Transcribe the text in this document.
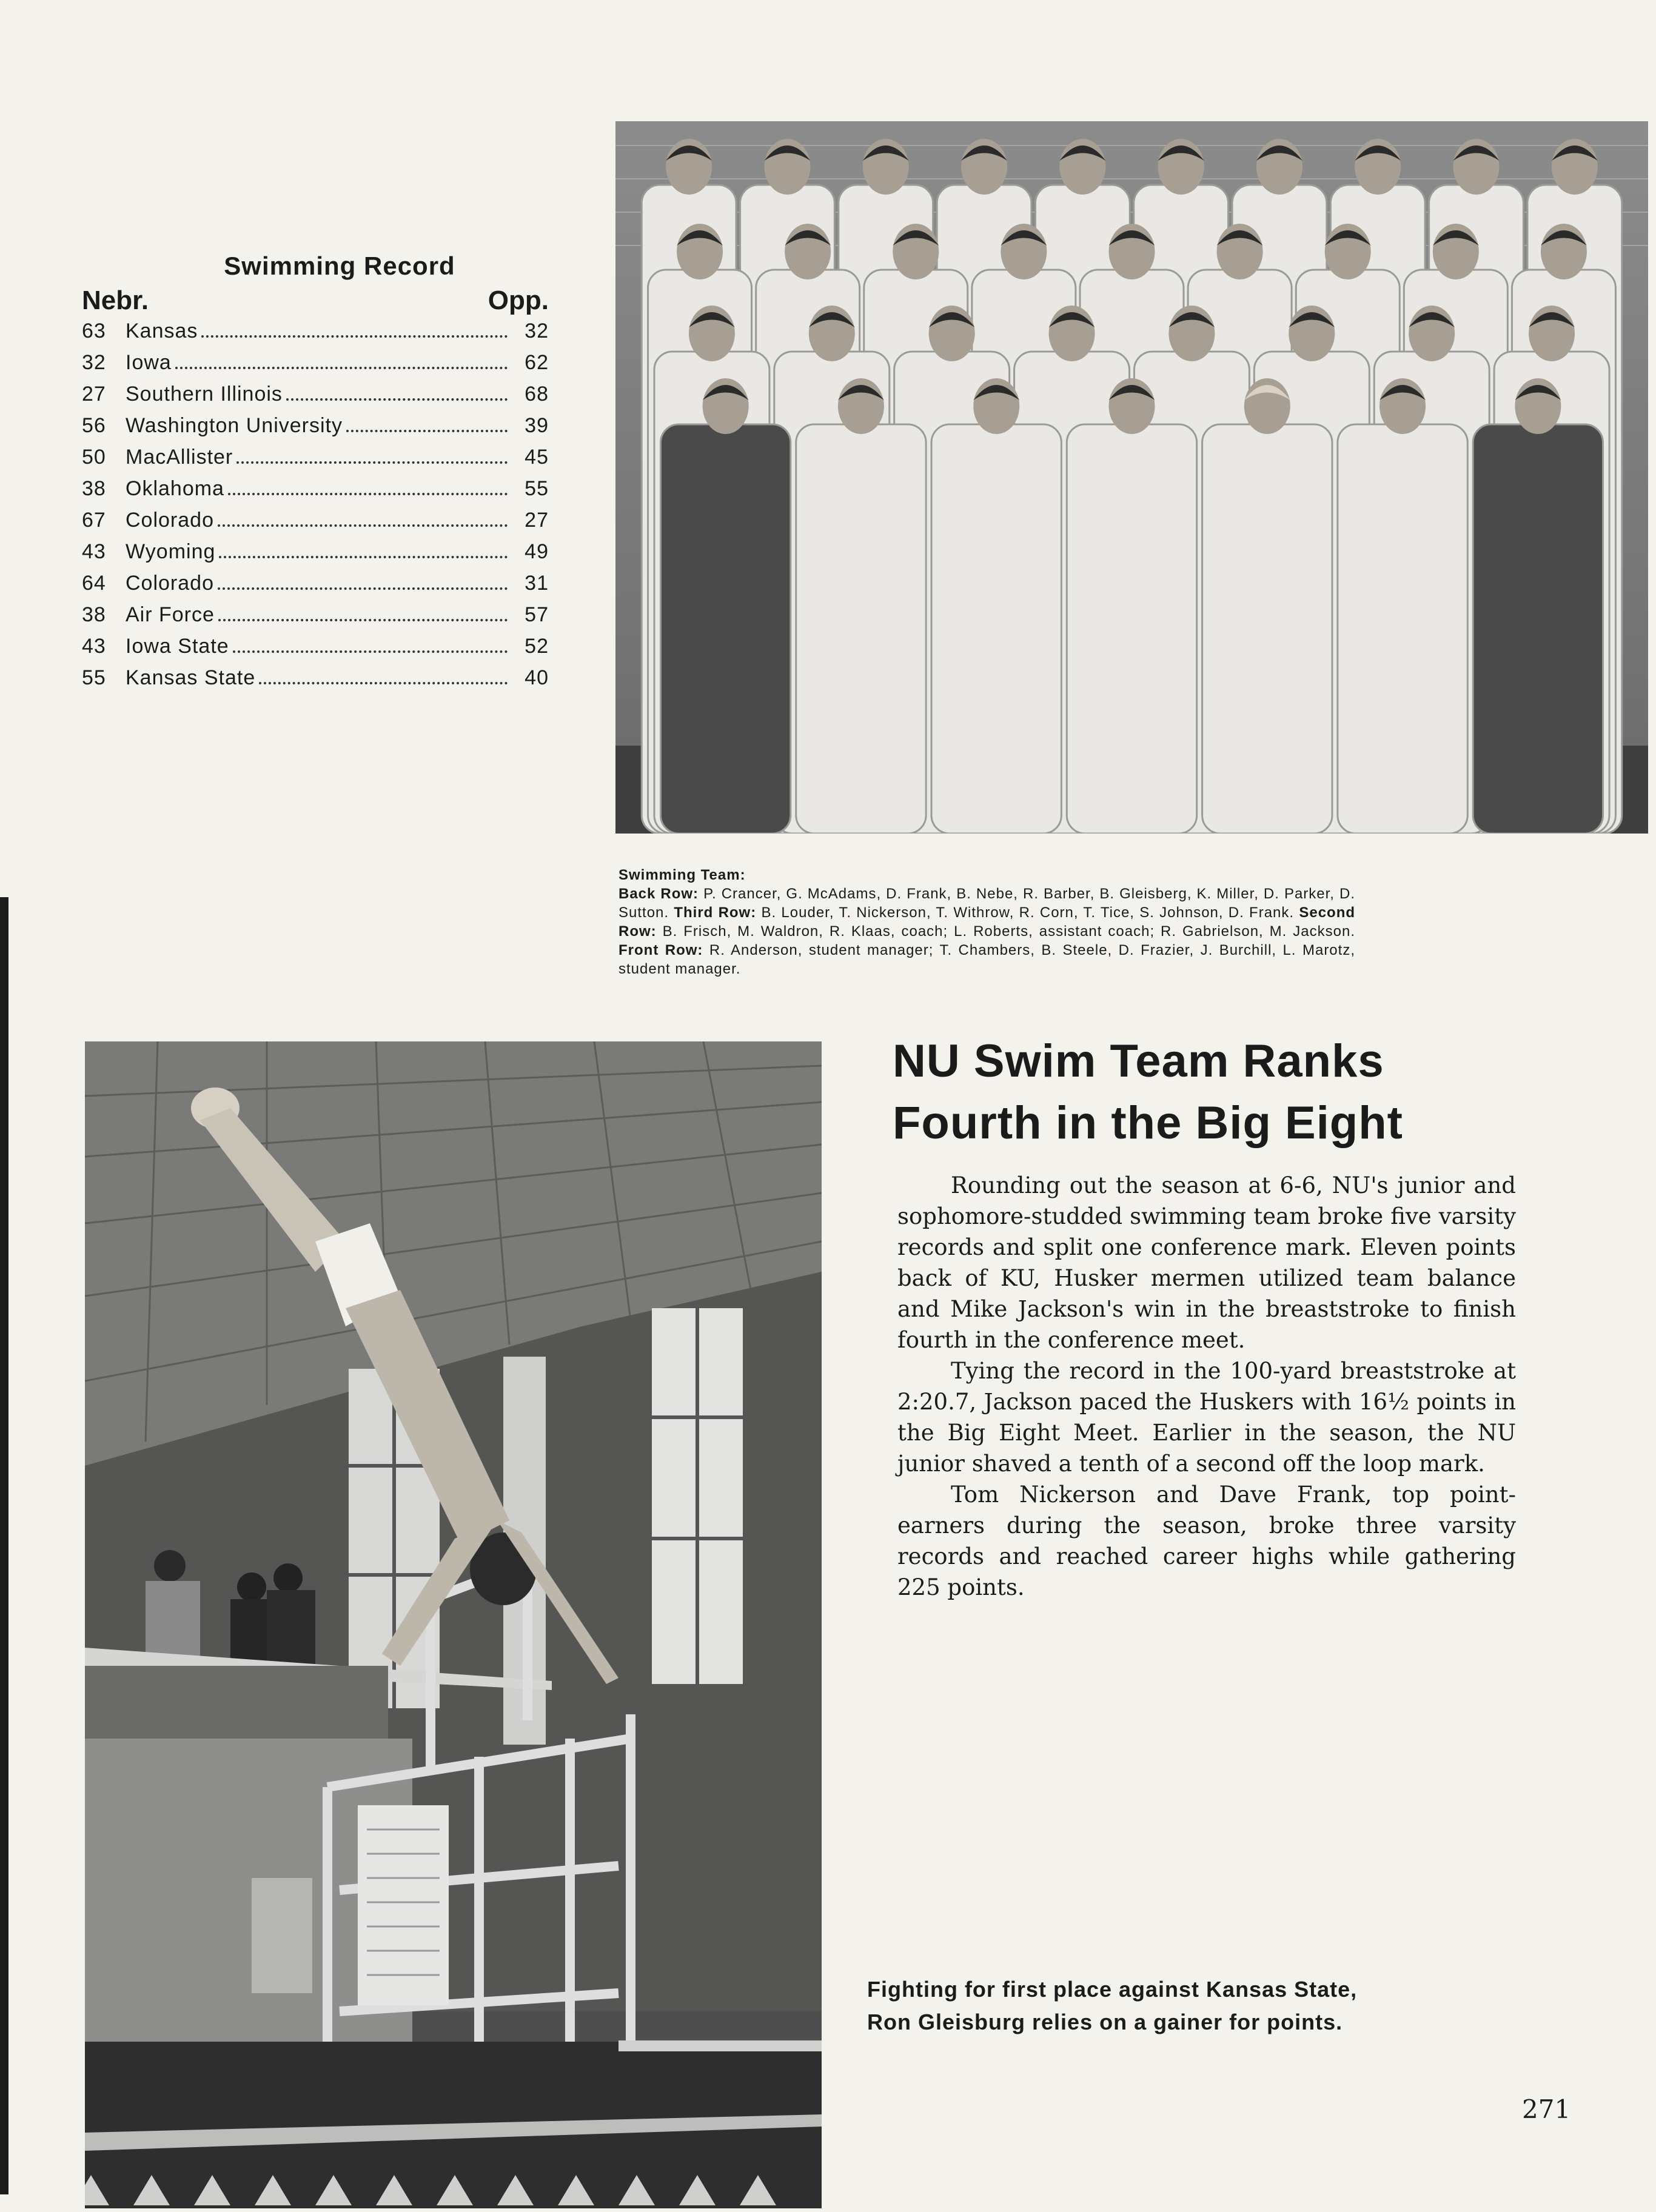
Swimming Record
Nebr.	Opp.
63 Kansas	32
32 Iowa	62
27 Southern Illinois	68
56 Washington University	39
50 MacAllister	45
38 Oklahoma	55
67 Colorado	27
43 Wyoming	49
64 Colorado	31
38 Air Force	57
43 Iowa State	52
55 Kansas State	40
Swimming Team:
Back Row: P. Crancer, G. McAdams, D. Frank, B. Nebe, R. Barber, B. Gleisberg, K. Miller, D. Parker, D. Sutton. Third Row: B. Louder, T. Nickerson, T. Withrow, R. Corn, T. Tice, S. Johnson, D. Frank. Second Row: B. Frisch, M. Waldron, R. Klaas, coach; L. Roberts, assistant coach; R. Gabrielson, M. Jackson. Front Row: R. Anderson, student manager; T. Chambers, B. Steele, D. Frazier, J. Burchill, L. Marotz, student manager.
NU Swim Team Ranks
Fourth in the Big Eight

Rounding out the season at 6-6, NU's junior and sophomore-studded swimming team broke five varsity records and split one conference mark. Eleven points back of KU, Husker mermen utilized team balance and Mike Jackson's win in the breaststroke to finish fourth in the conference meet.

Tying the record in the 100-yard breaststroke at 2:20.7, Jackson paced the Huskers with 16½ points in the Big Eight Meet. Earlier in the season, the NU junior shaved a tenth of a second off the loop mark.

Tom Nickerson and Dave Frank, top point-earners during the season, broke three varsity records and reached career highs while gathering 225 points.

Fighting for first place against Kansas State,
Ron Gleisburg relies on a gainer for points.
271
